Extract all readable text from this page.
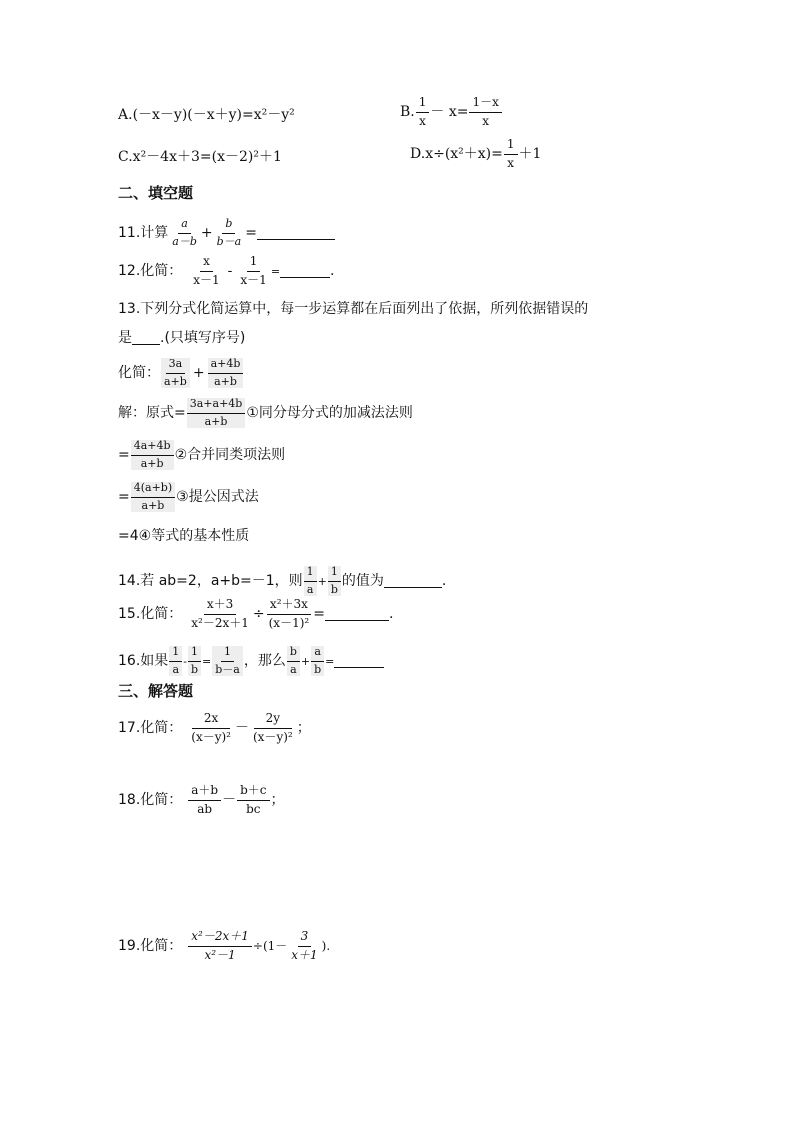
A. (－x－y)(－x＋y)=x²－y²	B. $\frac{1}{x} - x= \frac{1-x}{x}$
C. x²－4x＋3=(x－2)²＋1	D. $x\div(x^2+x)= \frac{1}{x} +1$
二、填空题
11.计算 $\frac{a}{a-b} + \frac{b}{b-a}$ =
12.化简： $\frac{x}{x-1} - \frac{1}{x-1}$ =	.
13.下列分式化简运算中，每一步运算都在后面列出了依据，所列依据错误的
是 .(只填写序号)
化简： $\frac{3a}{a+b} + \frac{a+4b}{a+b}$
解：原式= $\frac{3a+a+4b}{a+b}$ ①同分母分式的加减法法则
= $\frac{4a+4b}{a+b}$ ②合并同类项法则
= $\frac{4(a+b)}{a+b}$ ③提公因式法
=4④等式的基本性质
14.若 ab=2，a+b=－1，则 $\frac{1}{a} + \frac{1}{b}$ 的值为	.
15.化简： $\frac{x+3}{\text{x²－2x＋1}} \div \frac{\text{x²＋3x}}{\text{(x－1)²}}$ =	.
16.如果 $\frac{1}{a} - \frac{1}{b} = \frac{1}{b-a}$ ，那么 $\frac{b}{a} + \frac{a}{b}$ =
三、解答题
17.化简： $\frac{2x}{\text{(x－y)²}} - \frac{2y}{\text{(x－y)²}}$ ；
18.化简： $\frac{a+b}{ab} - \frac{b+c}{bc}$ ；
19.化简： $\frac{\text{x²－2x＋1}}{\text{x²－1}} \div(1- \frac{3}{x+1}$ ).
